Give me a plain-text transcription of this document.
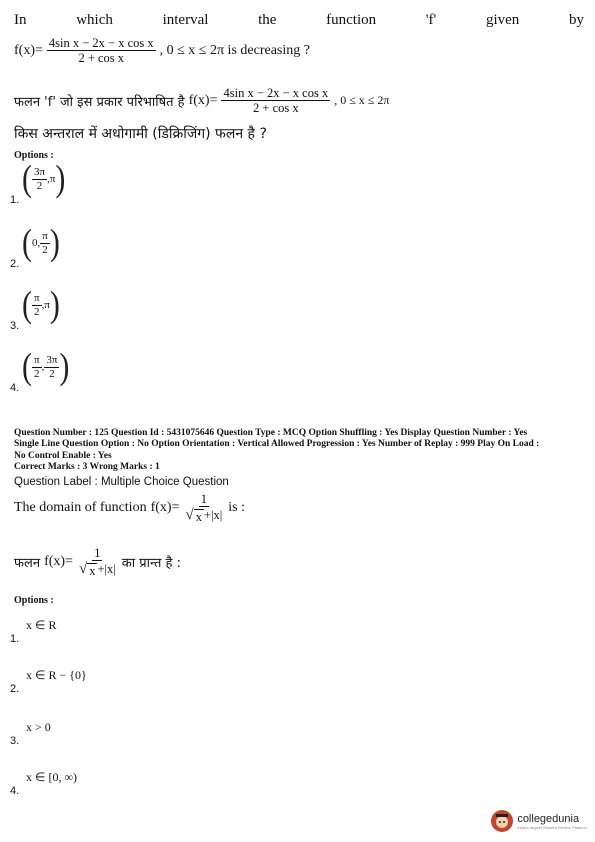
In	which	interval	the	function	'f'	given	by
$f(x)= \frac{\text{4sin x − 2x − x cos x}}{\text{2 + cos x}}$ , 0 ≤ x ≤ 2π is decreasing ?
फलन 'f' जो इस प्रकार परिभाषित है $f(x)= \frac{\text{4sin x − 2x − x cos x}}{\text{2 + cos x}}$ , 0 ≤ x ≤ 2π
किस अन्तराल में अधोगामी (डिक्रिजिंग) फलन है ?
Options :
( $\frac{3\pi}{2}$ , π )
1.
( 0 , $\frac{\pi}{2}$ )
2.
( $\frac{\pi}{2}$ , π )
3.
( $\frac{\pi}{2}$ , $\frac{3\pi}{2}$ )
4.
Question Number : 125 Question Id : 5431075646 Question Type : MCQ Option Shuffling : Yes Display Question Number : Yes
Single Line Question Option : No Option Orientation : Vertical Allowed Progression : Yes Number of Replay : 999 Play On Load :
No Control Enable : Yes
Correct Marks : 3 Wrong Marks : 1
Question Label : Multiple Choice Question
The domain of function $f(x)= \frac{1}{√ x +|x|}$ is :
फलन $f(x)= \frac{1}{√ x +|x|}$ का प्रान्त है :
Options :
x ∈ R
1.
x ∈ R − {0}
2.
x > 0
3.
x ∈ [0, ∞)
4.
collegedunia
India's largest Student Review Platform
